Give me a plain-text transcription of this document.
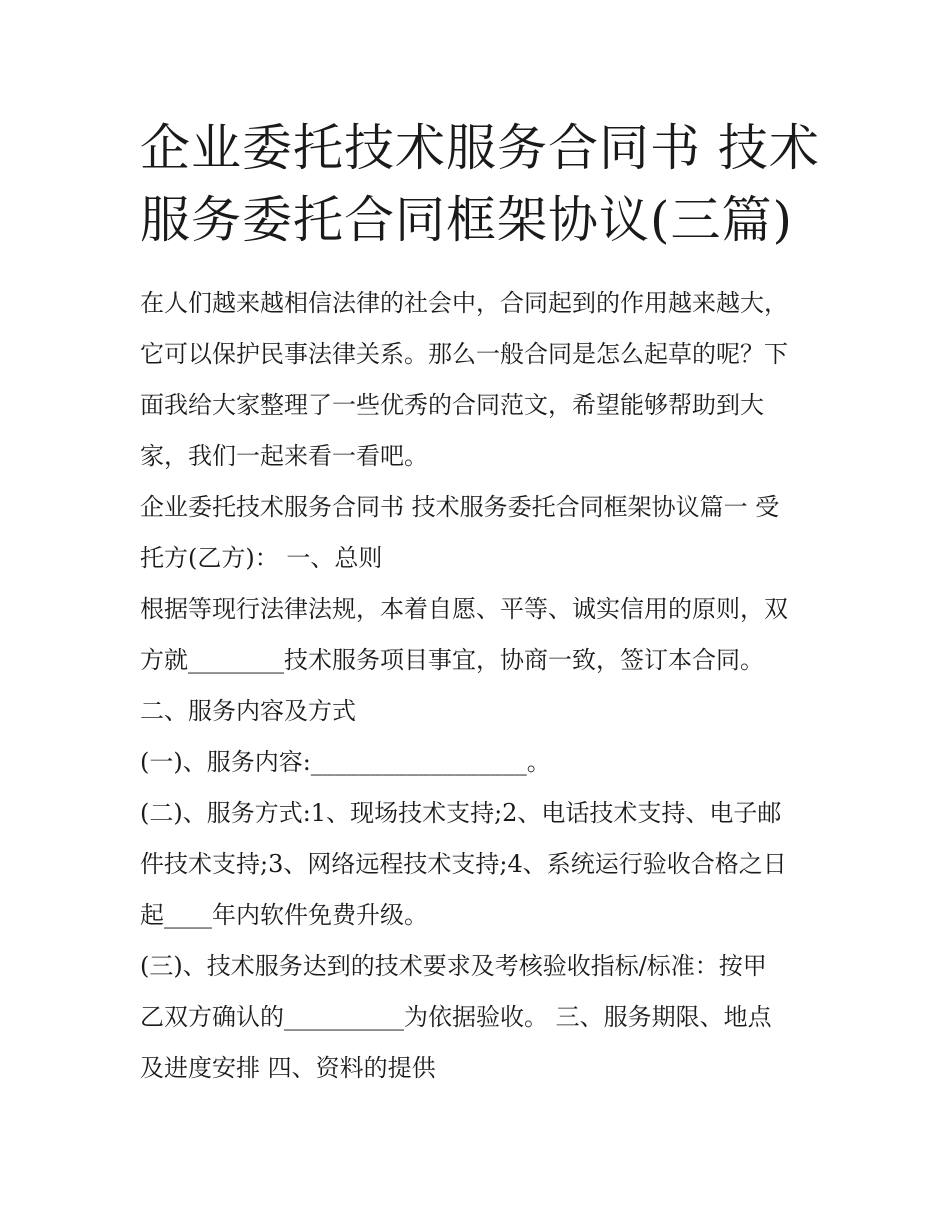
企业委托技术服务合同书 技术
服务委托合同框架协议(三篇)
在人们越来越相信法律的社会中，合同起到的作用越来越大，
它可以保护民事法律关系。那么一般合同是怎么起草的呢？下
面我给大家整理了一些优秀的合同范文，希望能够帮助到大
家，我们一起来看一看吧。
企业委托技术服务合同书 技术服务委托合同框架协议篇一 受
托方(乙方)： 一、总则
根据等现行法律法规，本着自愿、平等、诚实信用的原则，双
方就________技术服务项目事宜，协商一致，签订本合同。
二、服务内容及方式
(一)、服务内容:__________________。
(二)、服务方式:1、现场技术支持;2、电话技术支持、电子邮
件技术支持;3、网络远程技术支持;4、系统运行验收合格之日
起____年内软件免费升级。
(三)、技术服务达到的技术要求及考核验收指标/标准：按甲
乙双方确认的__________为依据验收。 三、服务期限、地点
及进度安排 四、资料的提供
